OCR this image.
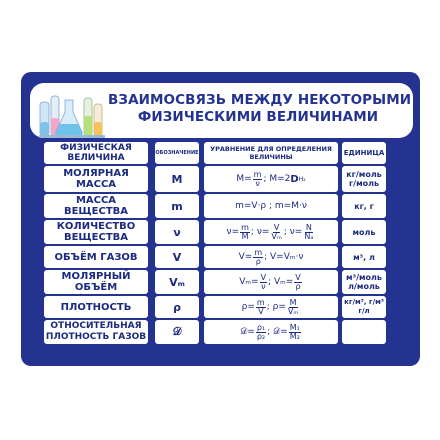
ВЗАИМОСВЯЗЬ МЕЖДУ НЕКОТОРЫМИ
ФИЗИЧЕСКИМИ ВЕЛИЧИНАМИ
ФИЗИЧЕСКАЯ ВЕЛИЧИНА	ОБОЗНАЧЕНИЕ	УРАВНЕНИЕ ДЛЯ ОПРЕДЕЛЕНИЯ ВЕЛИЧИНЫ	ЕДИНИЦА
МОЛЯРНАЯ МАССА	M	$M= \frac{m}{\nu}$ ; M=2 D H₂	кг/моль г/моль
МАССА ВЕЩЕСТВА	m	m=V·ρ ; m=M·ν	кг, г
КОЛИЧЕСТВО ВЕЩЕСТВА	ν	$\nu= \frac{m}{M}$ ; $\nu= \frac{V}{\text{Vₘ}}$ ; $\nu= \frac{N}{\text{Nₐ}}$	моль
ОБЪЁМ ГАЗОВ	V	$V= \frac{m}{\rho}$ ; V=Vₘ·ν	м³, л
МОЛЯРНЫЙ ОБЪЁМ	Vₘ	$V_m= \frac{V}{\nu}$ ; $V_m= \frac{V}{\rho}$	м³/моль л/моль
ПЛОТНОСТЬ	ρ	$\rho= \frac{m}{V}$ ; $\rho= \frac{M}{\text{Vₘ}}$	кг/м³, г/м³ г/л
ОТНОСИТЕЛЬНАЯ ПЛОТНОСТЬ ГАЗОВ	𝒟	𝒟= $\frac{\text{ρ₁}}{\text{ρ₂}}$ ; 𝒟= $\frac{\text{M₁}}{\text{M₂}}$
